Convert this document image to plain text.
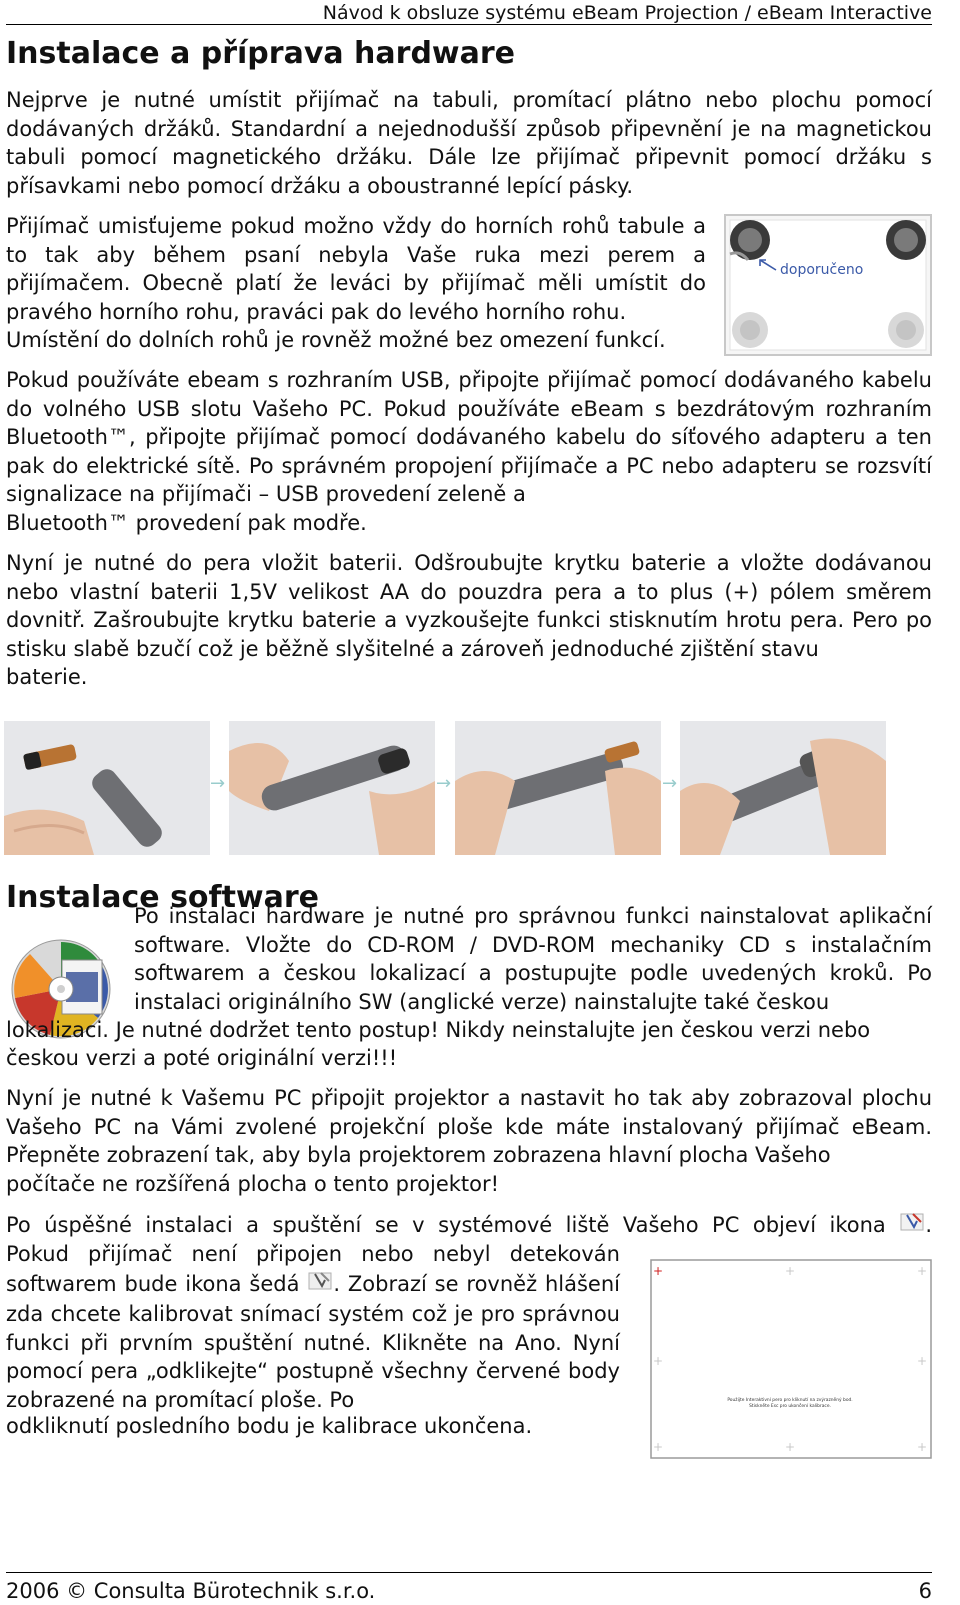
Návod k obsluze systému eBeam Projection / eBeam Interactive
Instalace a příprava hardware

Nejprve je nutné umístit přijímač na tabuli, promítací plátno nebo plochu pomocí dodávaných držáků. Standardní a nejednodušší způsob připevnění je na magnetickou tabuli pomocí magnetického držáku. Dále lze přijímač připevnit pomocí držáku s přísavkami nebo pomocí držáku a oboustranné lepící pásky.

Přijímač umisťujeme pokud možno vždy do horních rohů tabule a to tak aby během psaní nebyla Vaše ruka mezi perem a přijímačem. Obecně platí že leváci by přijímač měli umístit do pravého horního rohu, praváci pak do levého horního rohu.

Umístění do dolních rohů je rovněž možné bez omezení funkcí.

doporučeno

Pokud používáte ebeam s rozhraním USB, připojte přijímač pomocí dodávaného kabelu do volného USB slotu Vašeho PC. Pokud používáte eBeam s bezdrátovým rozhraním Bluetooth™, připojte přijímač pomocí dodávaného kabelu do síťového adapteru a ten pak do elektrické sítě. Po správném propojení přijímače a PC nebo adapteru se rozsvítí signalizace na přijímači – USB provedení zeleně a

Bluetooth™ provedení pak modře.

Nyní je nutné do pera vložit baterii. Odšroubujte krytku baterie a vložte dodávanou nebo vlastní baterii 1,5V velikost AA do pouzdra pera a to plus (+) pólem směrem dovnitř. Zašroubujte krytku baterie a vyzkoušejte funkci stisknutím hrotu pera. Pero po stisku slabě bzučí což je běžně slyšitelné a zároveň jednoduché zjištění stavu

baterie.

→	→	→
Instalace software

Po instalaci hardware je nutné pro správnou funkci nainstalovat aplikační software. Vložte do CD-ROM / DVD-ROM mechaniky CD s instalačním softwarem a českou lokalizací a postupujte podle uvedených kroků. Po instalaci originálního SW (anglické verze) nainstalujte také českou

lokalizaci. Je nutné dodržet tento postup! Nikdy neinstalujte jen českou verzi nebo

českou verzi a poté originální verzi!!!

Nyní je nutné k Vašemu PC připojit projektor a nastavit ho tak aby zobrazoval plochu Vašeho PC na Vámi zvolené projekční ploše kde máte instalovaný přijímač eBeam. Přepněte zobrazení tak, aby byla projektorem zobrazena hlavní plocha Vašeho

počítače ne rozšířená plocha o tento projektor!

Po úspěšné instalaci a spuštění se v systémové liště Vašeho PC objeví ikona .

Pokud přijímač není připojen nebo nebyl detekován softwarem bude ikona šedá . Zobrazí se rovněž hlášení zda chcete kalibrovat snímací systém což je pro správnou funkci při prvním spuštění nutné. Klikněte na Ano. Nyní pomocí pera „odklikejte“ postupně všechny červené body zobrazené na promítací ploše. Po

odkliknutí posledního bodu je kalibrace ukončena.

+	+	+
+	+
+	+	+
Použijte Interaktivní pero pro kliknutí na zvýrazněný bod.
Stiskněte Esc pro ukončení kalibrace.
2006 © Consulta Bürotechnik s.r.o.	6
